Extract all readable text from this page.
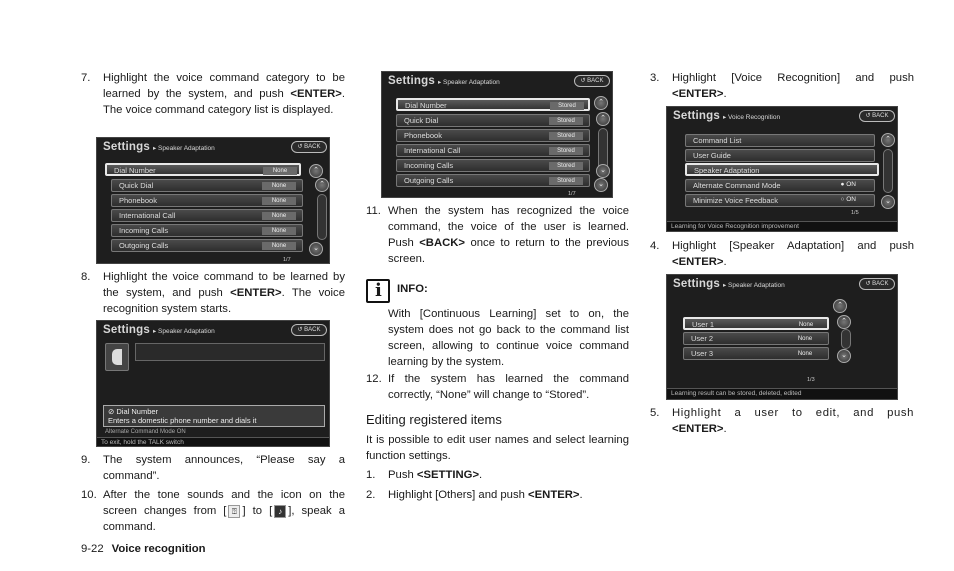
7.	Highlight the voice command category to be learned by the system, and push <ENTER>. The voice command category list is displayed.
Settings ▸ Speaker Adaptation	↺ BACK
Dial Number	None
Quick Dial	None
Phonebook	None
International Call	None
Incoming Calls	None
Outgoing Calls	None
⌃
⌃
⌄
1/7
8.	Highlight the voice command to be learned by the system, and push <ENTER>. The voice recognition system starts.
Settings ▸ Speaker Adaptation	↺ BACK
⊘ Dial Number
Enters a domestic phone number and dials it
Alternate Command Mode ON
To exit, hold the TALK switch
9.	The system announces, “Please say a command”.
10. After the tone sounds and the icon on the screen changes from [ ⍰ ] to [ ♪ ], speak a command.
Settings ▸ Speaker Adaptation	↺ BACK
Dial Number	Stored
Quick Dial	Stored
Phonebook	Stored
International Call	Stored
Incoming Calls	Stored
Outgoing Calls	Stored
⌃
⌃
⌄
⌄
1/7
11. When the system has recognized the voice command, the voice of the user is learned. Push <BACK> once to return to the previous screen.
i INFO:
With [Continuous Learning] set to on, the system does not go back to the command list screen, allowing to continue voice command learning by the system.
12. If the system has learned the command correctly, “None” will change to “Stored”.
Editing registered items
It is possible to edit user names and select learning function settings.
1.	Push <SETTING>.
2.	Highlight [Others] and push <ENTER>.
3.	Highlight [Voice Recognition] and push <ENTER>.
Settings ▸ Voice Recognition	↺ BACK
Command List
User Guide
Speaker Adaptation
Alternate Command Mode	● ON
Minimize Voice Feedback	○ ON
⌃
⌄
1/5
Learning for Voice Recognition improvement
4.	Highlight [Speaker Adaptation] and push <ENTER>.
Settings ▸ Speaker Adaptation	↺ BACK
User 1	None
User 2	None
User 3	None
⌃
⌃
⌄
1/3
Learning result can be stored, deleted, edited
5.	Highlight a user to edit, and push <ENTER>.
9-22 Voice recognition
